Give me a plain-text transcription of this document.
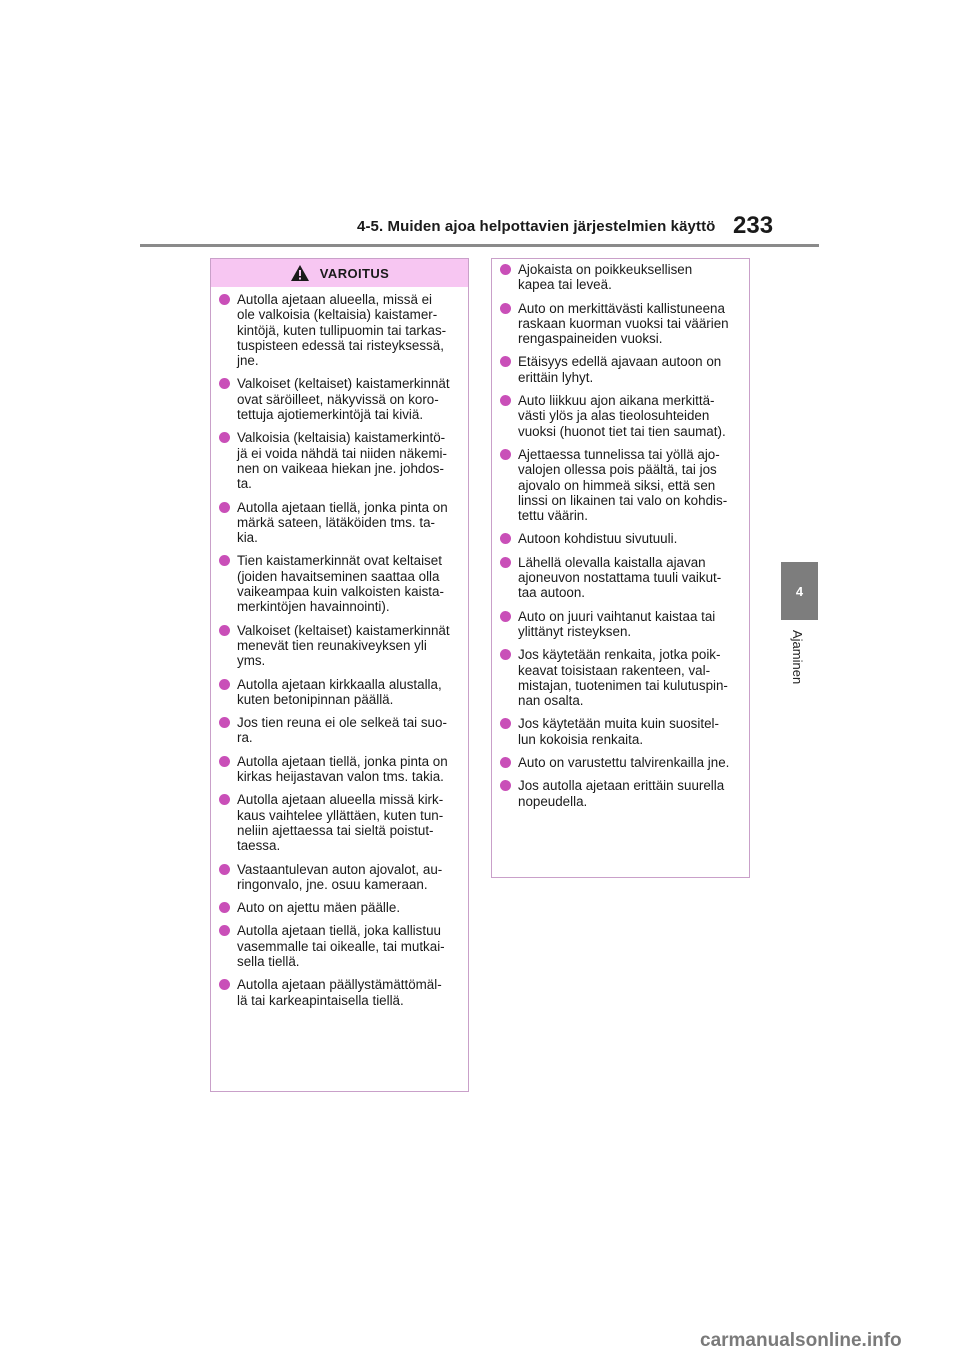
4-5. Muiden ajoa helpottavien järjestelmien käyttö 233
4
Ajaminen
VAROITUS
Autolla ajetaan alueella, missä ei
ole valkoisia (keltaisia) kaistamer-
kintöjä, kuten tullipuomin tai tarkas-
tuspisteen edessä tai risteyksessä,
jne.
Valkoiset (keltaiset) kaistamerkinnät
ovat säröilleet, näkyvissä on koro-
tettuja ajotiemerkintöjä tai kiviä.
Valkoisia (keltaisia) kaistamerkintö-
jä ei voida nähdä tai niiden näkemi-
nen on vaikeaa hiekan jne. johdos-
ta.
Autolla ajetaan tiellä, jonka pinta on
märkä sateen, lätäköiden tms. ta-
kia.
Tien kaistamerkinnät ovat keltaiset
(joiden havaitseminen saattaa olla
vaikeampaa kuin valkoisten kaista-
merkintöjen havainnointi).
Valkoiset (keltaiset) kaistamerkinnät
menevät tien reunakiveyksen yli
yms.
Autolla ajetaan kirkkaalla alustalla,
kuten betonipinnan päällä.
Jos tien reuna ei ole selkeä tai suo-
ra.
Autolla ajetaan tiellä, jonka pinta on
kirkas heijastavan valon tms. takia.
Autolla ajetaan alueella missä kirk-
kaus vaihtelee yllättäen, kuten tun-
neliin ajettaessa tai sieltä poistut-
taessa.
Vastaantulevan auton ajovalot, au-
ringonvalo, jne. osuu kameraan.
Auto on ajettu mäen päälle.
Autolla ajetaan tiellä, joka kallistuu
vasemmalle tai oikealle, tai mutkai-
sella tiellä.
Autolla ajetaan päällystämättömäl-
lä tai karkeapintaisella tiellä.
Ajokaista on poikkeuksellisen
kapea tai leveä.
Auto on merkittävästi kallistuneena
raskaan kuorman vuoksi tai väärien
rengaspaineiden vuoksi.
Etäisyys edellä ajavaan autoon on
erittäin lyhyt.
Auto liikkuu ajon aikana merkittä-
västi ylös ja alas tieolosuhteiden
vuoksi (huonot tiet tai tien saumat).
Ajettaessa tunnelissa tai yöllä ajo-
valojen ollessa pois päältä, tai jos
ajovalo on himmeä siksi, että sen
linssi on likainen tai valo on kohdis-
tettu väärin.
Autoon kohdistuu sivutuuli.
Lähellä olevalla kaistalla ajavan
ajoneuvon nostattama tuuli vaikut-
taa autoon.
Auto on juuri vaihtanut kaistaa tai
ylittänyt risteyksen.
Jos käytetään renkaita, jotka poik-
keavat toisistaan rakenteen, val-
mistajan, tuotenimen tai kulutuspin-
nan osalta.
Jos käytetään muita kuin suositel-
lun kokoisia renkaita.
Auto on varustettu talvirenkailla jne.
Jos autolla ajetaan erittäin suurella
nopeudella.
carmanualsonline.info
